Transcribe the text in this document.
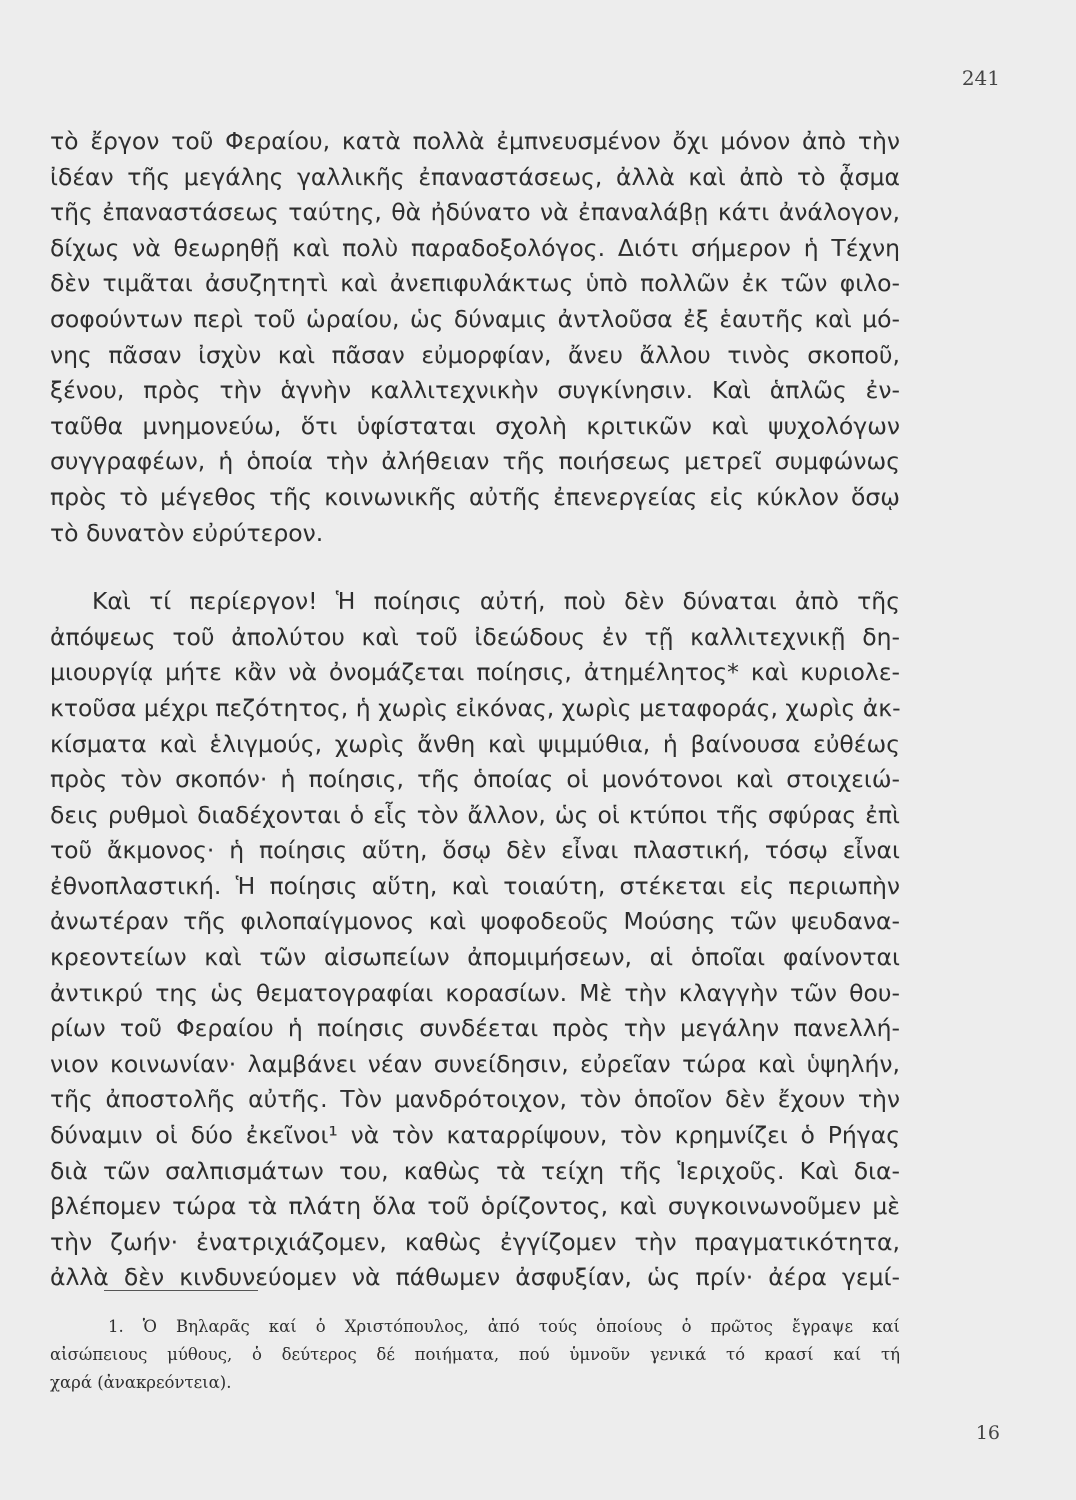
241
τὸ ἔργον τοῦ Φεραίου, κατὰ πολλὰ ἐμπνευσμένον ὄχι μόνον ἀπὸ τὴν
ἰδέαν τῆς μεγάλης γαλλικῆς ἐπαναστάσεως, ἀλλὰ καὶ ἀπὸ τὸ ᾆσμα
τῆς ἐπαναστάσεως ταύτης, θὰ ἠδύνατο νὰ ἐπαναλάβῃ κάτι ἀνάλογον,
δίχως νὰ θεωρηθῇ καὶ πολὺ παραδοξολόγος. Διότι σήμερον ἡ Τέχνη
δὲν τιμᾶται ἀσυζητητὶ καὶ ἀνεπιφυλάκτως ὑπὸ πολλῶν ἐκ τῶν φιλο-
σοφούντων περὶ τοῦ ὡραίου, ὡς δύναμις ἀντλοῦσα ἐξ ἑαυτῆς καὶ μό-
νης πᾶσαν ἰσχὺν καὶ πᾶσαν εὐμορφίαν, ἄνευ ἄλλου τινὸς σκοποῦ,
ξένου, πρὸς τὴν ἁγνὴν καλλιτεχνικὴν συγκίνησιν. Καὶ ἁπλῶς ἐν-
ταῦθα μνημονεύω, ὅτι ὑφίσταται σχολὴ κριτικῶν καὶ ψυχολόγων
συγγραφέων, ἡ ὁποία τὴν ἀλήθειαν τῆς ποιήσεως μετρεῖ συμφώνως
πρὸς τὸ μέγεθος τῆς κοινωνικῆς αὐτῆς ἐπενεργείας εἰς κύκλον ὅσῳ
τὸ δυνατὸν εὐρύτερον.
Καὶ τί περίεργον! Ἡ ποίησις αὐτή, ποὺ δὲν δύναται ἀπὸ τῆς
ἀπόψεως τοῦ ἀπολύτου καὶ τοῦ ἰδεώδους ἐν τῇ καλλιτεχνικῇ δη-
μιουργίᾳ μήτε κἂν νὰ ὀνομάζεται ποίησις, ἀτημέλητος* καὶ κυριολε-
κτοῦσα μέχρι πεζότητος, ἡ χωρὶς εἰκόνας, χωρὶς μεταφοράς, χωρὶς ἀκ-
κίσματα καὶ ἑλιγμούς, χωρὶς ἄνθη καὶ ψιμμύθια, ἡ βαίνουσα εὐθέως
πρὸς τὸν σκοπόν· ἡ ποίησις, τῆς ὁποίας οἱ μονότονοι καὶ στοιχειώ-
δεις ρυθμοὶ διαδέχονται ὁ εἷς τὸν ἄλλον, ὡς οἱ κτύποι τῆς σφύρας ἐπὶ
τοῦ ἄκμονος· ἡ ποίησις αὕτη, ὅσῳ δὲν εἶναι πλαστική, τόσῳ εἶναι
ἐθνοπλαστική. Ἡ ποίησις αὕτη, καὶ τοιαύτη, στέκεται εἰς περιωπὴν
ἀνωτέραν τῆς φιλοπαίγμονος καὶ ψοφοδεοῦς Μούσης τῶν ψευδανα-
κρεοντείων καὶ τῶν αἰσωπείων ἀπομιμήσεων, αἱ ὁποῖαι φαίνονται
ἀντικρύ της ὡς θεματογραφίαι κορασίων. Μὲ τὴν κλαγγὴν τῶν θου-
ρίων τοῦ Φεραίου ἡ ποίησις συνδέεται πρὸς τὴν μεγάλην πανελλή-
νιον κοινωνίαν· λαμβάνει νέαν συνείδησιν, εὐρεῖαν τώρα καὶ ὑψηλήν,
τῆς ἀποστολῆς αὐτῆς. Τὸν μανδρότοιχον, τὸν ὁποῖον δὲν ἔχουν τὴν
δύναμιν οἱ δύο ἐκεῖνοι¹ νὰ τὸν καταρρίψουν, τὸν κρημνίζει ὁ Ρήγας
διὰ τῶν σαλπισμάτων του, καθὼς τὰ τείχη τῆς Ἱεριχοῦς. Καὶ δια-
βλέπομεν τώρα τὰ πλάτη ὅλα τοῦ ὁρίζοντος, καὶ συγκοινωνοῦμεν μὲ
τὴν ζωήν· ἐνατριχιάζομεν, καθὼς ἐγγίζομεν τὴν πραγματικότητα,
ἀλλὰ δὲν κινδυνεύομεν νὰ πάθωμεν ἀσφυξίαν, ὡς πρίν· ἀέρα γεμί-
1. Ὁ Βηλαρᾶς καί ὁ Χριστόπουλος, ἀπό τούς ὁποίους ὁ πρῶτος ἔγραψε καί
αἰσώπειους μύθους, ὁ δεύτερος δέ ποιήματα, πού ὑμνοῦν γενικά τό κρασί καί τή
χαρά (ἀνακρεόντεια).
16
